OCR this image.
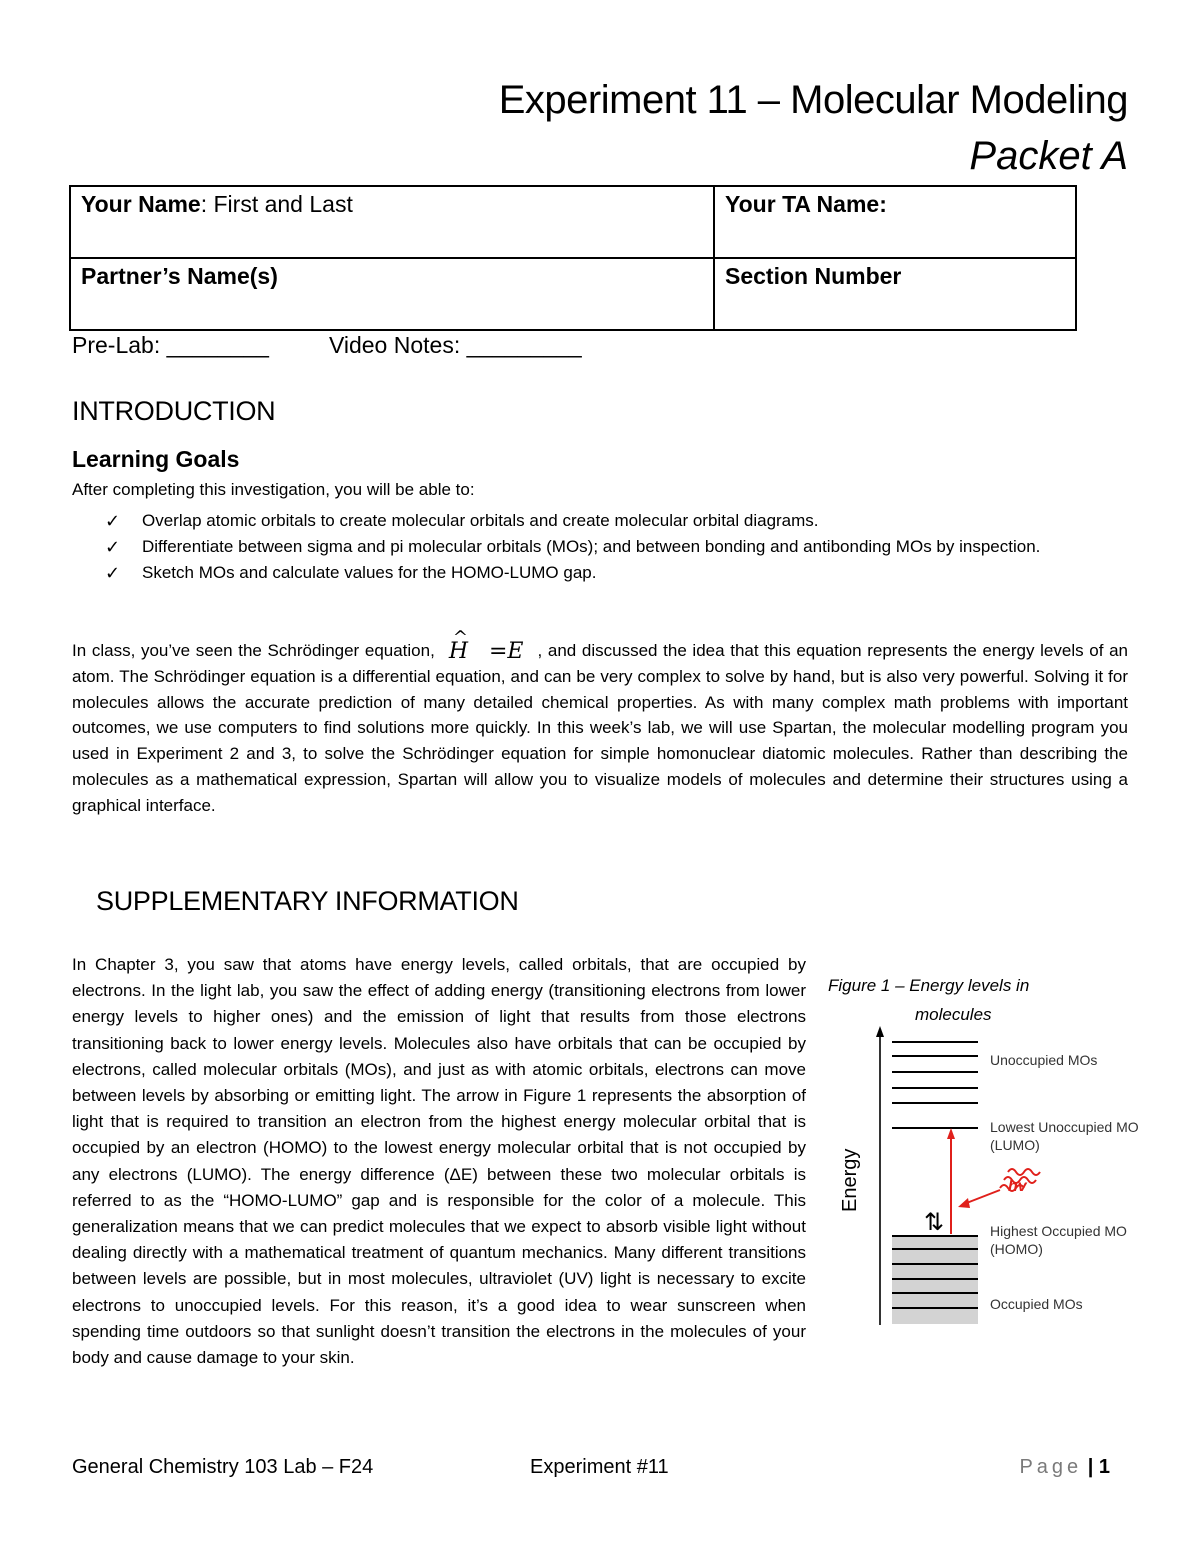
Experiment 11 – Molecular Modeling
Packet A
Your Name: First and Last	Your TA Name:
Partner’s Name(s)	Section Number
Pre-Lab: ________	Video Notes: _________
INTRODUCTION
Learning Goals
After completing this investigation, you will be able to:
✓ Overlap atomic orbitals to create molecular orbitals and create molecular orbital diagrams.
✓ Differentiate between sigma and pi molecular orbitals (MOs); and between bonding and antibonding MOs by inspection.
✓ Sketch MOs and calculate values for the HOMO-LUMO gap.
In class, you’ve seen the Schrödinger equation, ^ H =E , and discussed the idea that this equation represents the energy levels of an atom. The Schrödinger equation is a differential equation, and can be very complex to solve by hand, but is also very powerful. Solving it for molecules allows the accurate prediction of many detailed chemical properties. As with many complex math problems with important outcomes, we use computers to find solutions more quickly. In this week’s lab, we will use Spartan, the molecular modelling program you used in Experiment 2 and 3, to solve the Schrödinger equation for simple homonuclear diatomic molecules. Rather than describing the molecules as a mathematical expression, Spartan will allow you to visualize models of molecules and determine their structures using a graphical interface.
SUPPLEMENTARY INFORMATION
In Chapter 3, you saw that atoms have energy levels, called orbitals, that are occupied by electrons. In the light lab, you saw the effect of adding energy (transitioning electrons from lower energy levels to higher ones) and the emission of light that results from those electrons transitioning back to lower energy levels. Molecules also have orbitals that can be occupied by electrons, called molecular orbitals (MOs), and just as with atomic orbitals, electrons can move between levels by absorbing or emitting light. The arrow in Figure 1 represents the absorption of light that is required to transition an electron from the highest energy molecular orbital that is occupied by an electron (HOMO) to the lowest energy molecular orbital that is not occupied by any electrons (LUMO). The energy difference (ΔE) between these two molecular orbitals is referred to as the “HOMO-LUMO” gap and is responsible for the color of a molecule. This generalization means that we can predict molecules that we expect to absorb visible light without dealing directly with a mathematical treatment of quantum mechanics. Many different transitions between levels are possible, but in most molecules, ultraviolet (UV) light is necessary to excite electrons to unoccupied levels. For this reason, it’s a good idea to wear sunscreen when spending time outdoors so that sunlight doesn’t transition the electrons in the molecules of your body and cause damage to your skin.
Figure 1 – Energy levels in
molecules
Energy
⇅
hv
Unoccupied MOs
Lowest Unoccupied MO
(LUMO)
Highest Occupied MO
(HOMO)
Occupied MOs
General Chemistry 103 Lab – F24	Experiment #11	Page | 1
